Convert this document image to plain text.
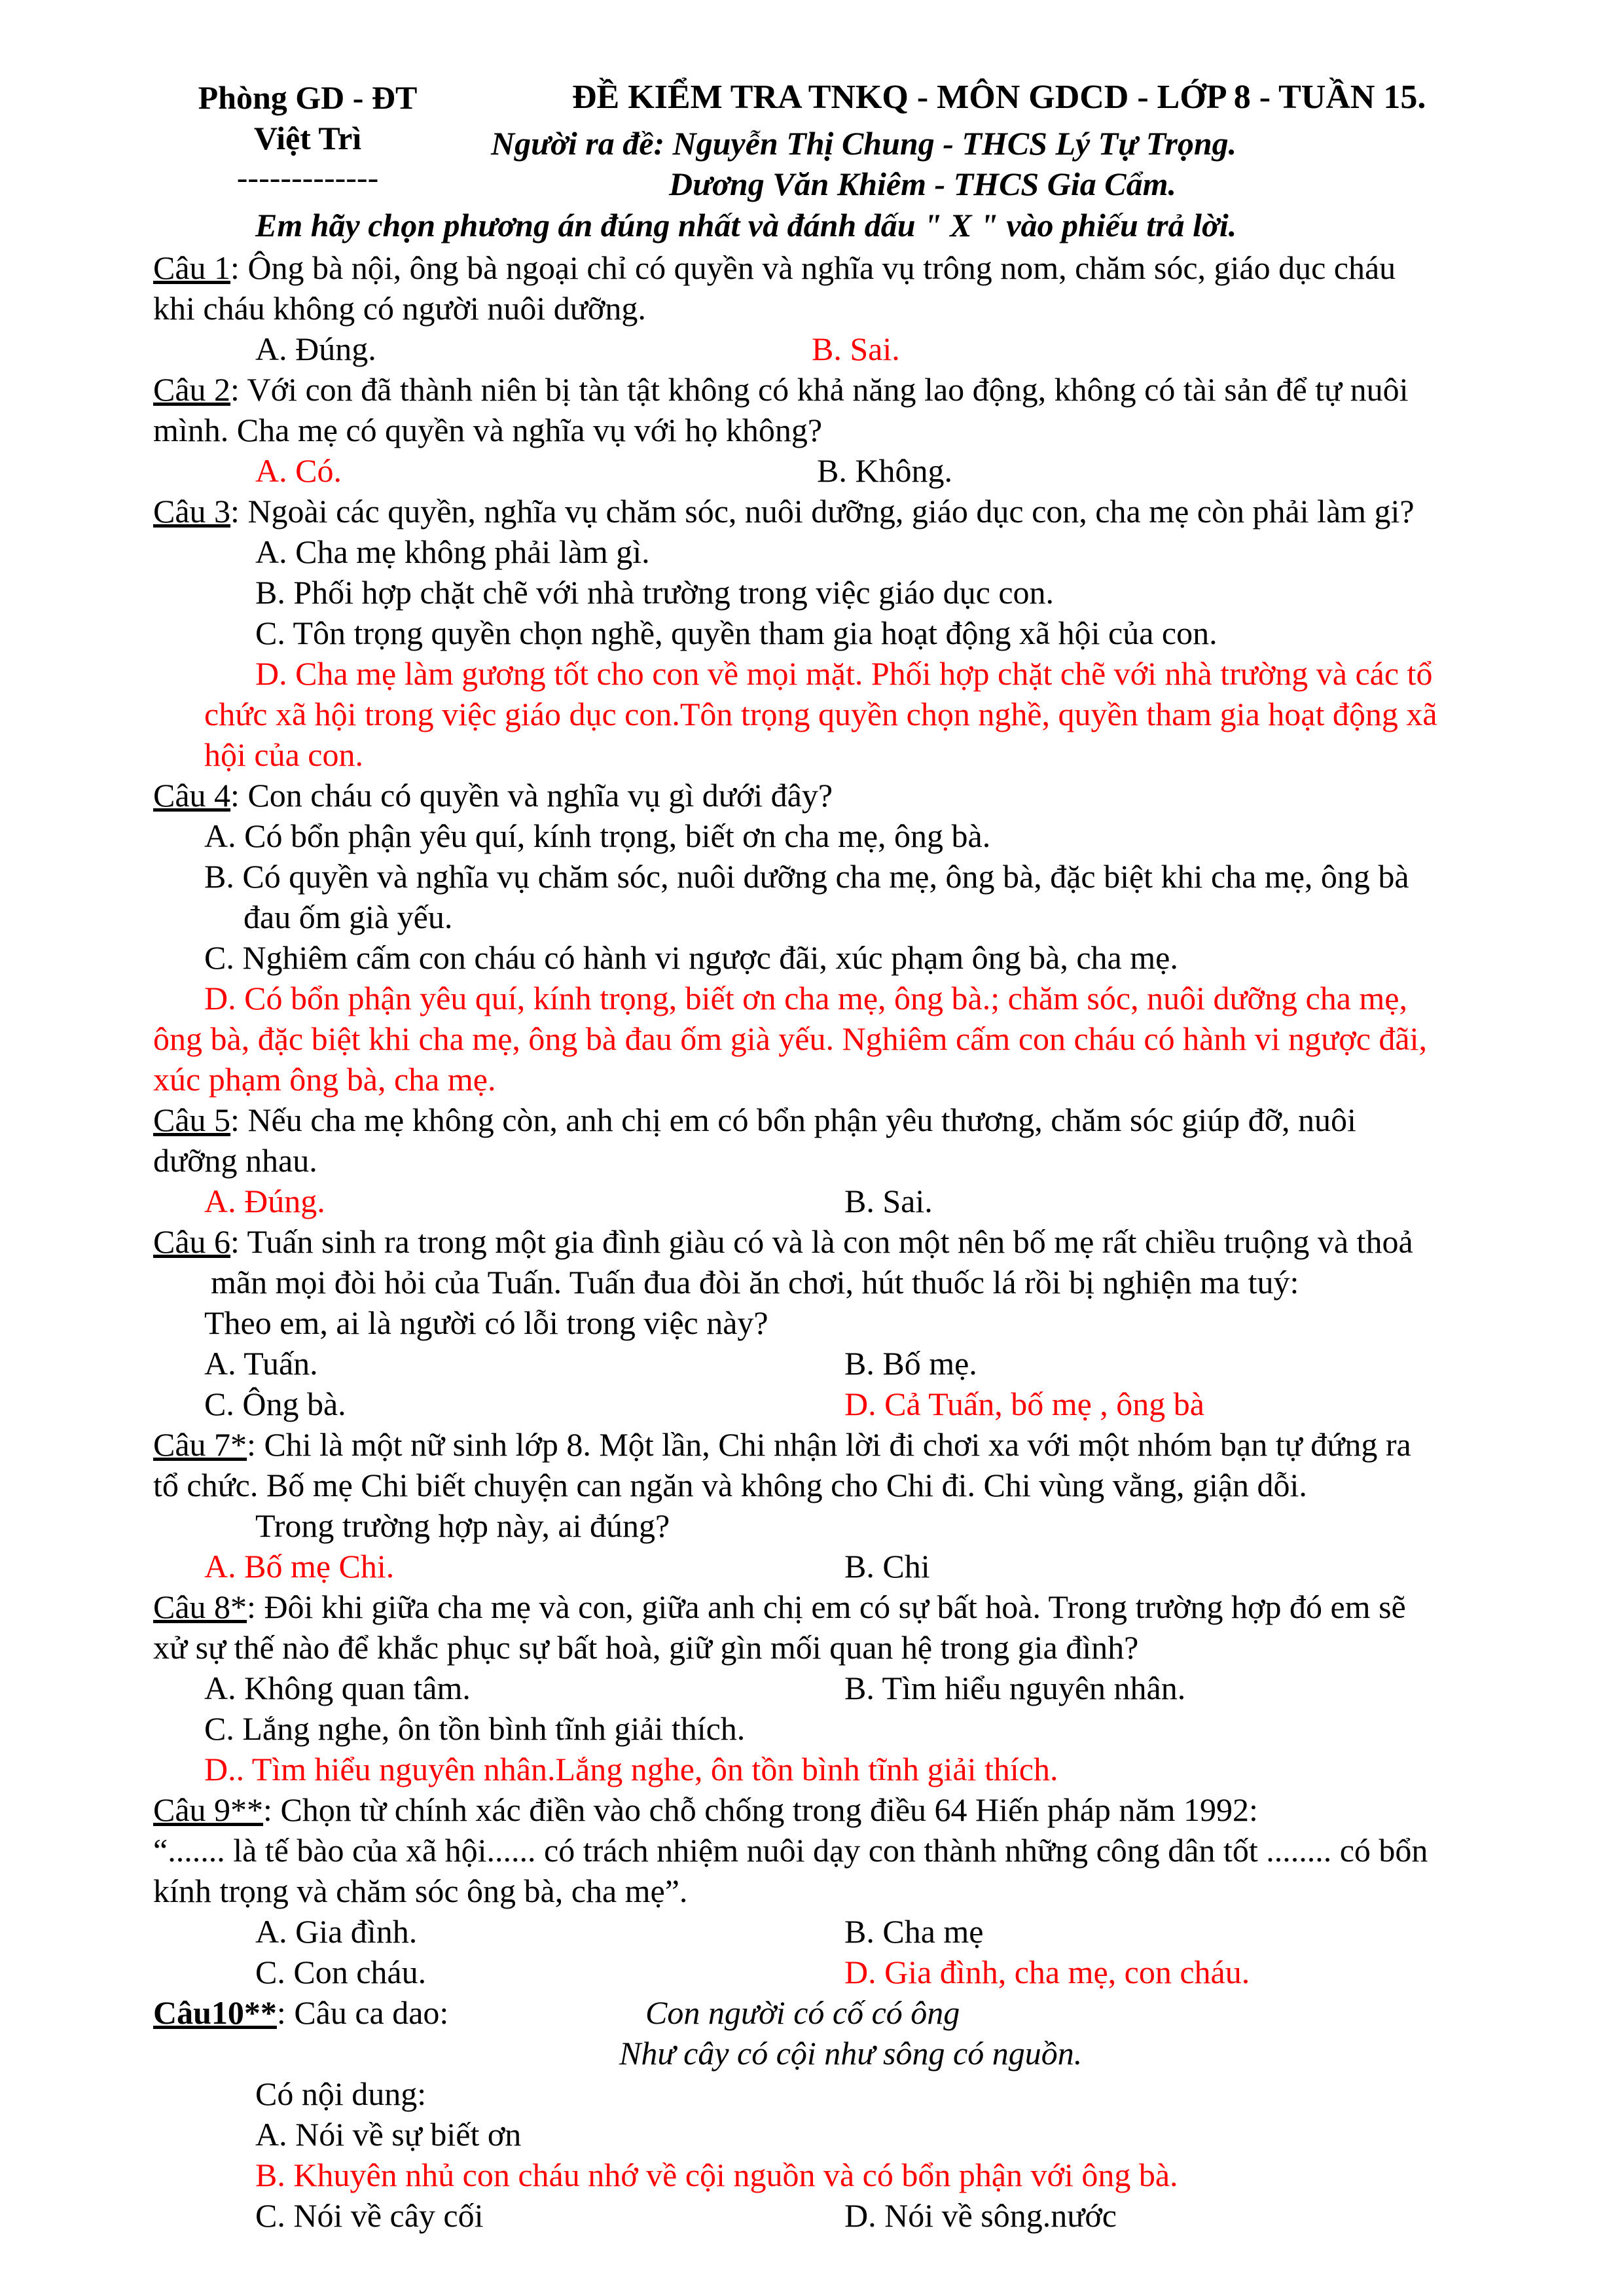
Phòng GD - ĐT
Việt Trì
-------------
ĐỀ KIỂM TRA TNKQ - MÔN GDCD - LỚP 8 - TUẦN 15.
Người ra đề: Nguyễn Thị Chung - THCS Lý Tự Trọng.
Dương Văn Khiêm - THCS Gia Cẩm.
Em hãy chọn phương án đúng nhất và đánh dấu " X " vào phiếu trả lời.
Câu 1: Ông bà nội, ông bà ngoại chỉ có quyền và nghĩa vụ trông nom, chăm sóc, giáo dục cháu
khi cháu không có người nuôi dưỡng.
A. Đúng.	B. Sai.
Câu 2: Với con đã thành niên bị tàn tật không có khả năng lao động, không có tài sản để tự nuôi
mình. Cha mẹ có quyền và nghĩa vụ với họ không?
A. Có.	B. Không.
Câu 3: Ngoài các quyền, nghĩa vụ chăm sóc, nuôi dưỡng, giáo dục con, cha mẹ còn phải làm gi?
A. Cha mẹ không phải làm gì.
B. Phối hợp chặt chẽ với nhà trường trong việc giáo dục con.
C. Tôn trọng quyền chọn nghề, quyền tham gia hoạt động xã hội của con.
D. Cha mẹ làm gương tốt cho con về mọi mặt. Phối hợp chặt chẽ với nhà trường và các tổ
chức xã hội trong việc giáo dục con.Tôn trọng quyền chọn nghề, quyền tham gia hoạt động xã
hội của con.
Câu 4: Con cháu có quyền và nghĩa vụ gì dưới đây?
A. Có bổn phận yêu quí, kính trọng, biết ơn cha mẹ, ông bà.
B. Có quyền và nghĩa vụ chăm sóc, nuôi dưỡng cha mẹ, ông bà, đặc biệt khi cha mẹ, ông bà
đau ốm già yếu.
C. Nghiêm cấm con cháu có hành vi ngược đãi, xúc phạm ông bà, cha mẹ.
D. Có bổn phận yêu quí, kính trọng, biết ơn cha mẹ, ông bà.; chăm sóc, nuôi dưỡng cha mẹ,
ông bà, đặc biệt khi cha mẹ, ông bà đau ốm già yếu. Nghiêm cấm con cháu có hành vi ngược đãi,
xúc phạm ông bà, cha mẹ.
Câu 5: Nếu cha mẹ không còn, anh chị em có bổn phận yêu thương, chăm sóc giúp đỡ, nuôi
dưỡng nhau.
A. Đúng.	B. Sai.
Câu 6: Tuấn sinh ra trong một gia đình giàu có và là con một nên bố mẹ rất chiều truộng và thoả
mãn mọi đòi hỏi của Tuấn. Tuấn đua đòi ăn chơi, hút thuốc lá rồi bị nghiện ma tuý:
Theo em, ai là người có lỗi trong việc này?
A. Tuấn.	B. Bố mẹ.
C. Ông bà.	D. Cả Tuấn, bố mẹ , ông bà
Câu 7*: Chi là một nữ sinh lớp 8. Một lần, Chi nhận lời đi chơi xa với một nhóm bạn tự đứng ra
tổ chức. Bố mẹ Chi biết chuyện can ngăn và không cho Chi đi. Chi vùng vằng, giận dỗi.
Trong trường hợp này, ai đúng?
A. Bố mẹ Chi.	B. Chi
Câu 8*: Đôi khi giữa cha mẹ và con, giữa anh chị em có sự bất hoà. Trong trường hợp đó em sẽ
xử sự thế nào để khắc phục sự bất hoà, giữ gìn mối quan hệ trong gia đình?
A. Không quan tâm.	B. Tìm hiểu nguyên nhân.
C. Lắng nghe, ôn tồn bình tĩnh giải thích.
D.. Tìm hiểu nguyên nhân.Lắng nghe, ôn tồn bình tĩnh giải thích.
Câu 9**: Chọn từ chính xác điền vào chỗ chống trong điều 64 Hiến pháp năm 1992:
“....... là tế bào của xã hội...... có trách nhiệm nuôi dạy con thành những công dân tốt ........ có bổn
kính trọng và chăm sóc ông bà, cha mẹ”.
A. Gia đình.	B. Cha mẹ
C. Con cháu.	D. Gia đình, cha mẹ, con cháu.
Câu10**: Câu ca dao:	Con người có cố có ông
Như cây có cội như sông có nguồn.
Có nội dung:
A. Nói về sự biết ơn
B. Khuyên nhủ con cháu nhớ về cội nguồn và có bổn phận với ông bà.
C. Nói về cây cối	D. Nói về sông.nước
